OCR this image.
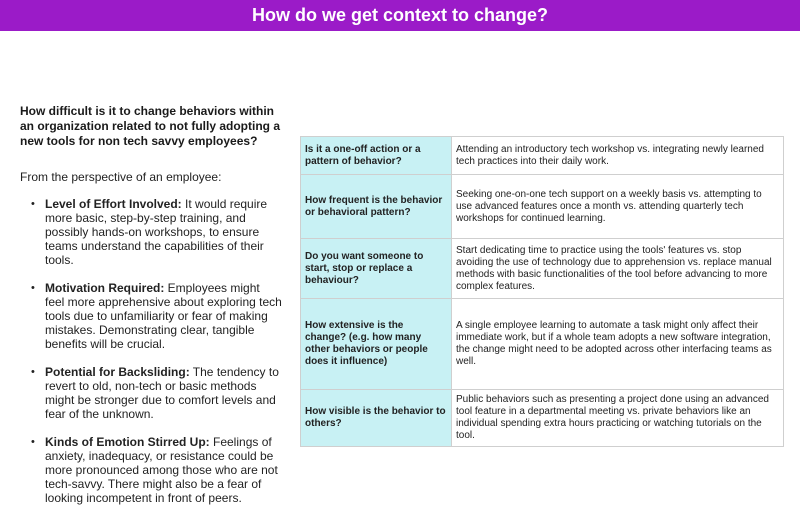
How do we get context to change?

How difficult is it to change behaviors within an organization related to not fully adopting a new tools for non tech savvy employees?

From the perspective of an employee:

• Level of Effort Involved: It would require more basic, step-by-step training, and possibly hands-on workshops, to ensure teams understand the capabilities of their tools.
• Motivation Required: Employees might feel more apprehensive about exploring tech tools due to unfamiliarity or fear of making mistakes. Demonstrating clear, tangible benefits will be crucial.
• Potential for Backsliding: The tendency to revert to old, non-tech or basic methods might be stronger due to comfort levels and fear of the unknown.
• Kinds of Emotion Stirred Up: Feelings of anxiety, inadequacy, or resistance could be more pronounced among those who are not tech-savvy. There might also be a fear of looking incompetent in front of peers.
Is it a one-off action or a pattern of behavior?	Attending an introductory tech workshop vs. integrating newly learned tech practices into their daily work.
How frequent is the behavior or behavioral pattern?	Seeking one-on-one tech support on a weekly basis vs. attempting to use advanced features once a month vs. attending quarterly tech workshops for continued learning.
Do you want someone to start, stop or replace a behaviour?	Start dedicating time to practice using the tools' features vs. stop avoiding the use of technology due to apprehension vs. replace manual methods with basic functionalities of the tool before advancing to more complex features.
How extensive is the change? (e.g. how many other behaviors or people does it influence)	A single employee learning to automate a task might only affect their immediate work, but if a whole team adopts a new software integration, the change might need to be adopted across other interfacing teams as well.
How visible is the behavior to others?	Public behaviors such as presenting a project done using an advanced tool feature in a departmental meeting vs. private behaviors like an individual spending extra hours practicing or watching tutorials on the tool.
